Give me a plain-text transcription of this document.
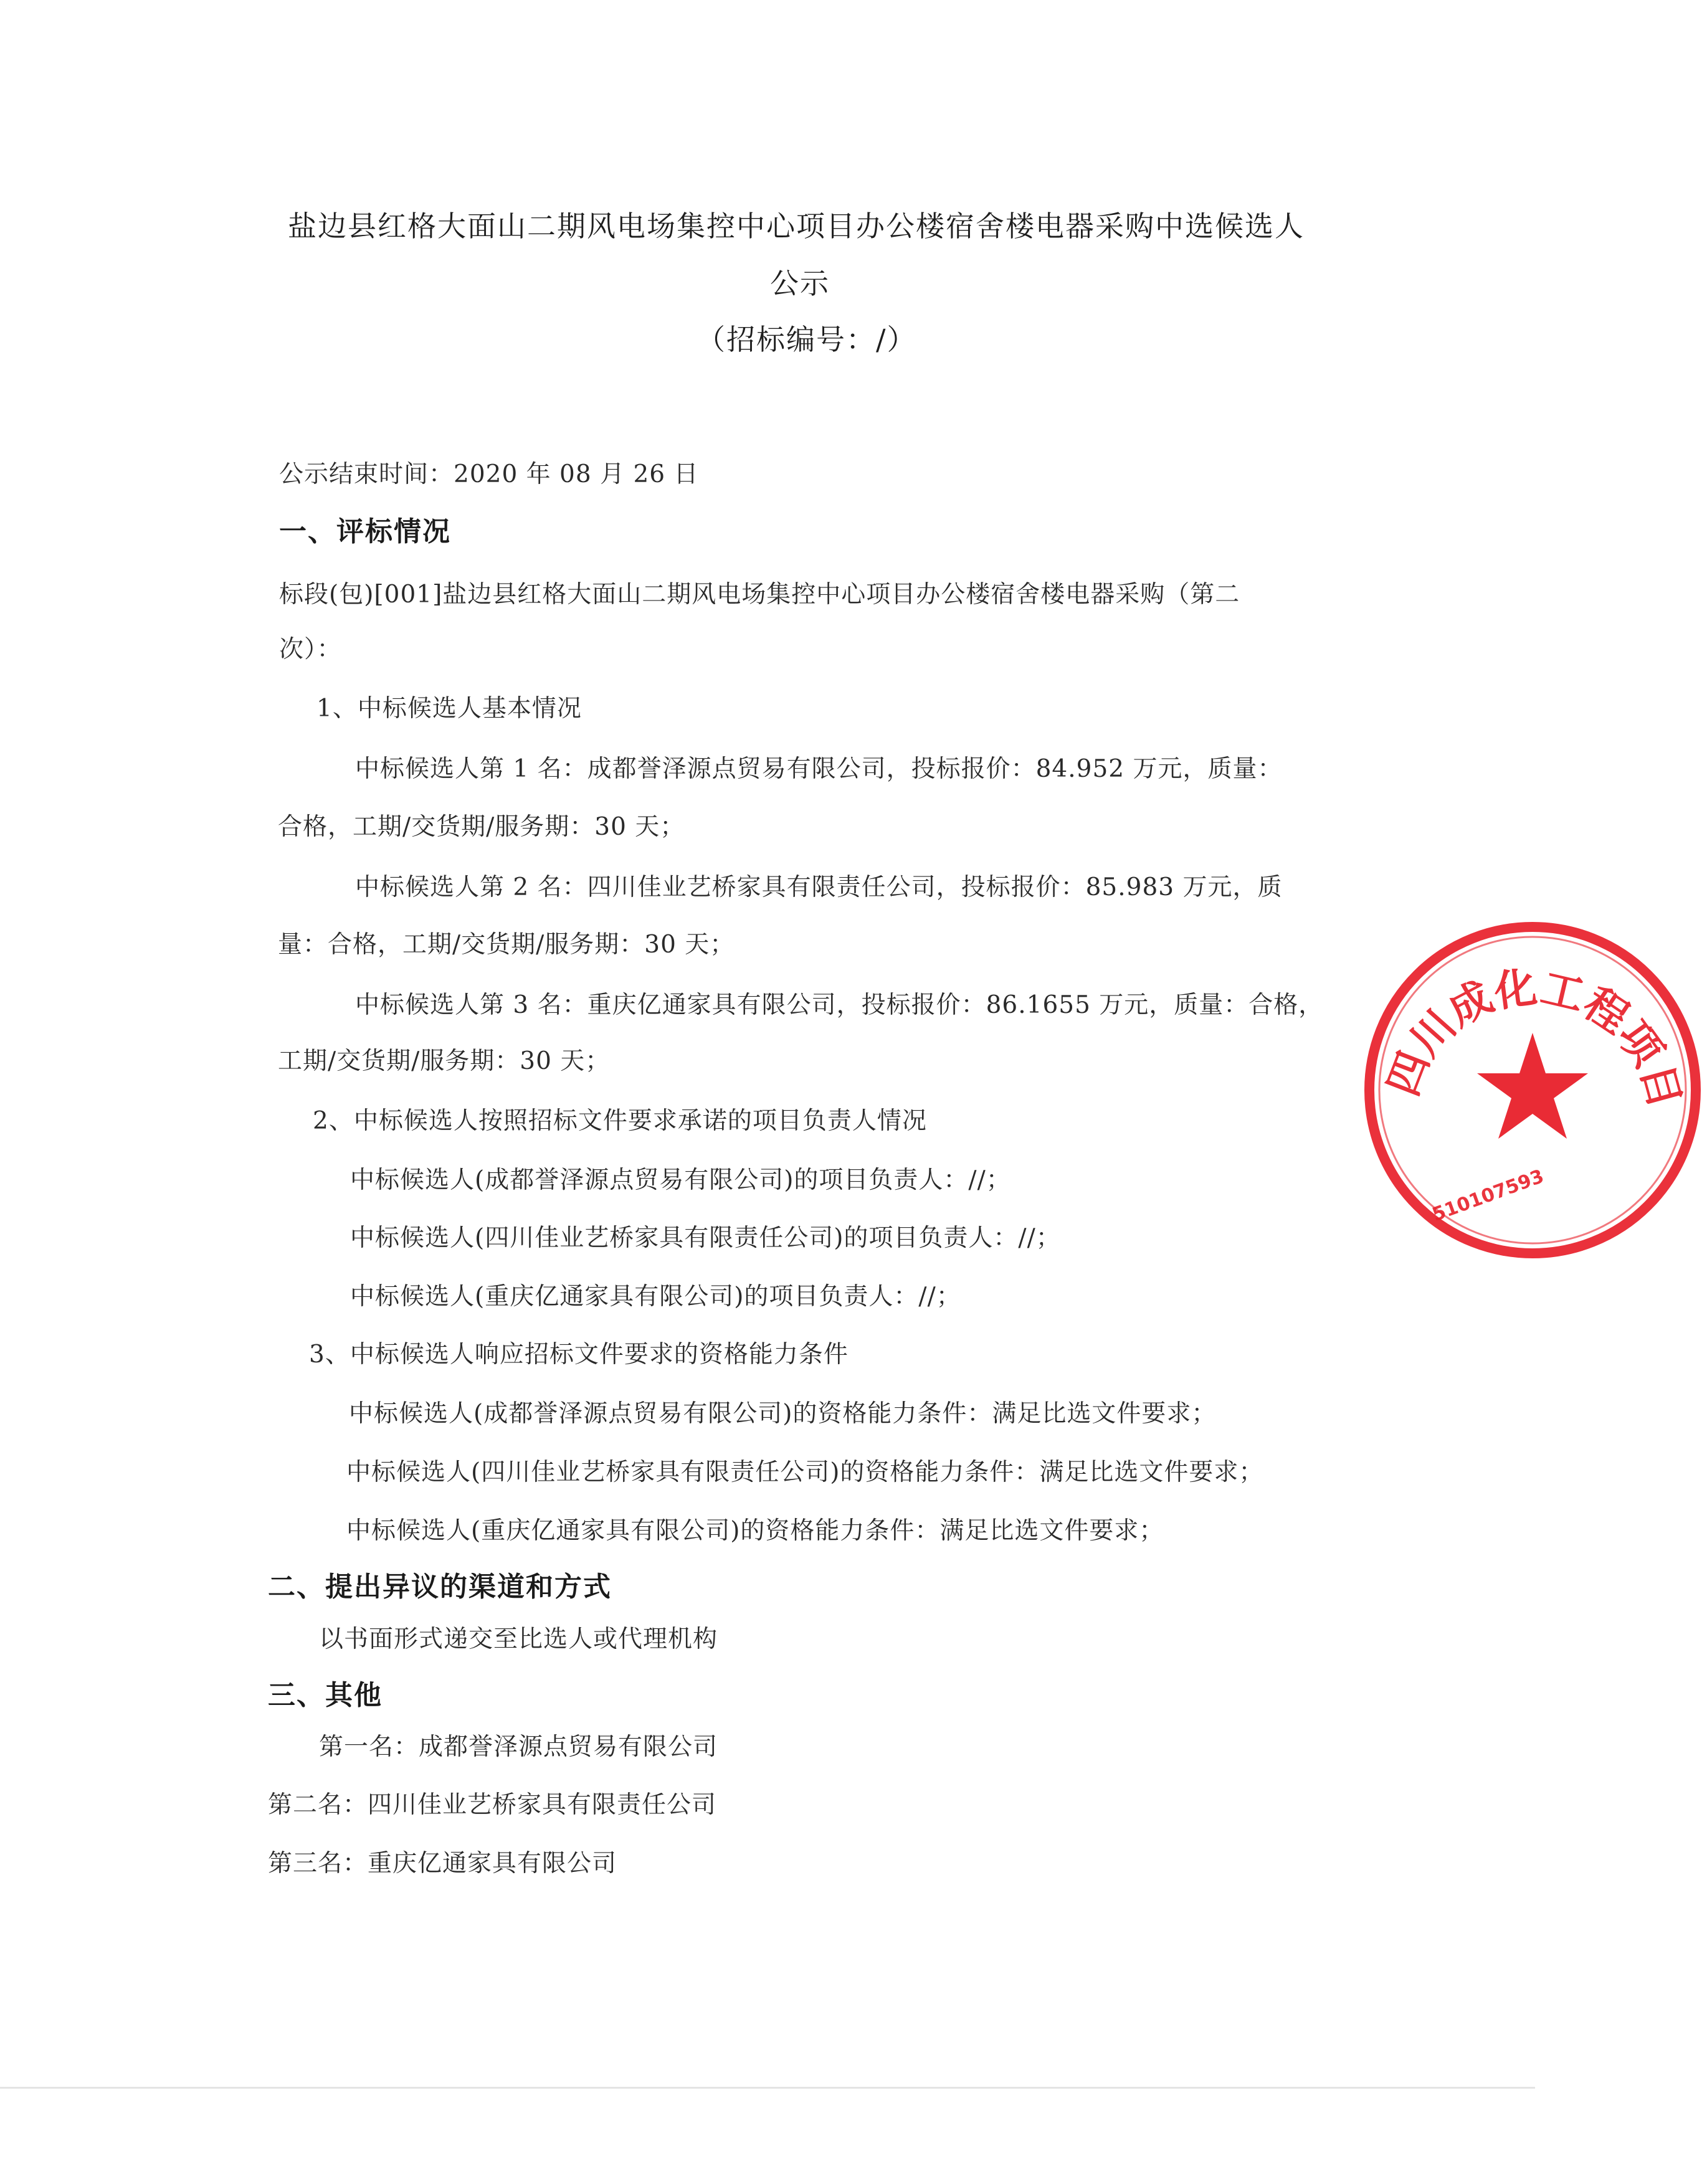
盐边县红格大面山二期风电场集控中心项目办公楼宿舍楼电器采购中选候选人
公示
（招标编号：/）
公示结束时间：2020 年 08 月 26 日
一、评标情况
标段(包)[001]盐边县红格大面山二期风电场集控中心项目办公楼宿舍楼电器采购（第二
次）：
1、中标候选人基本情况
中标候选人第 1 名：成都誉泽源点贸易有限公司，投标报价：84.952 万元，质量：
合格，工期/交货期/服务期：30 天；
中标候选人第 2 名：四川佳业艺桥家具有限责任公司，投标报价：85.983 万元，质
量：合格，工期/交货期/服务期：30 天；
中标候选人第 3 名：重庆亿通家具有限公司，投标报价：86.1655 万元，质量：合格，
工期/交货期/服务期：30 天；
2、中标候选人按照招标文件要求承诺的项目负责人情况
中标候选人(成都誉泽源点贸易有限公司)的项目负责人：//；
中标候选人(四川佳业艺桥家具有限责任公司)的项目负责人：//；
中标候选人(重庆亿通家具有限公司)的项目负责人：//；
3、中标候选人响应招标文件要求的资格能力条件
中标候选人(成都誉泽源点贸易有限公司)的资格能力条件：满足比选文件要求；
中标候选人(四川佳业艺桥家具有限责任公司)的资格能力条件：满足比选文件要求；
中标候选人(重庆亿通家具有限公司)的资格能力条件：满足比选文件要求；
二、提出异议的渠道和方式
以书面形式递交至比选人或代理机构
三、其他
第一名：成都誉泽源点贸易有限公司
第二名：四川佳业艺桥家具有限责任公司
第三名：重庆亿通家具有限公司
四川成化工程项目
510107593
